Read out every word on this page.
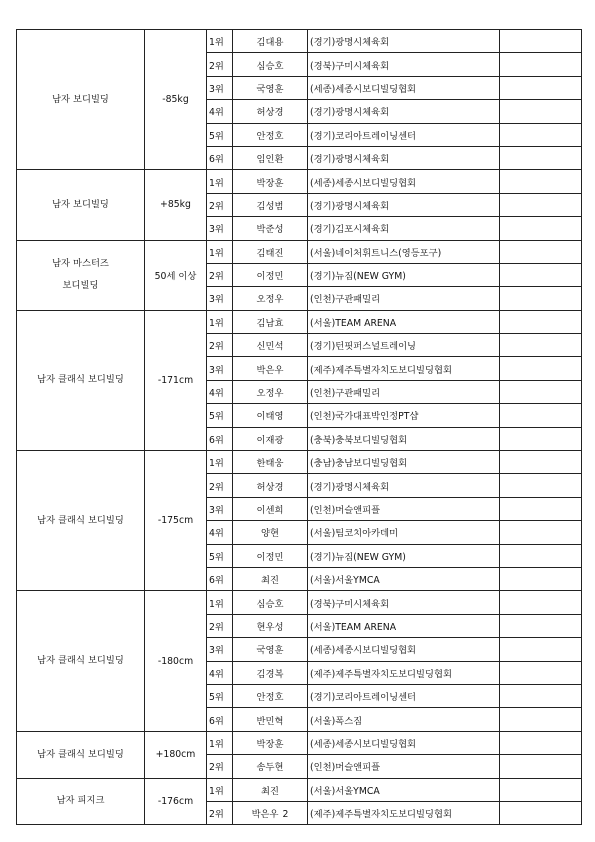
남자 보디빌딩	-85kg	1위	김대용	(경기)광명시체육회	
		2위	심승호	(경북)구미시체육회	
		3위	국영훈	(세종)세종시보디빌딩협회	
		4위	허상경	(경기)광명시체육회	
		5위	안정호	(경기)코리아트레이닝센터	
		6위	임인환	(경기)광명시체육회	

남자 보디빌딩	+85kg	1위	박장훈	(세종)세종시보디빌딩협회	
		2위	김성범	(경기)광명시체육회	
		3위	박준성	(경기)김포시체육회	

남자 마스터즈
보디빌딩	50세 이상	1위	김태진	(서울)네이처휘트니스(영등포구)	
		2위	이정민	(경기)뉴짐(NEW GYM)	
		3위	오정우	(인천)구관패밀리	

남자 클래식 보디빌딩	-171cm	1위	김남효	(서울)TEAM ARENA	
		2위	신민석	(경기)턴핏퍼스널트레이닝	
		3위	박은우	(제주)제주특별자치도보디빌딩협회	
		4위	오정우	(인천)구관패밀리	
		5위	이태영	(인천)국가대표박인정PT샵	
		6위	이재광	(충북)충북보디빌딩협회	

남자 클래식 보디빌딩	-175cm	1위	한태웅	(충남)충남보디빌딩협회	
		2위	허상경	(경기)광명시체육회	
		3위	이센희	(인천)머슬앤피플	
		4위	양현	(서울)팀코치아카데미	
		5위	이정민	(경기)뉴짐(NEW GYM)	
		6위	최진	(서울)서울YMCA	

남자 클래식 보디빌딩	-180cm	1위	심승호	(경북)구미시체육회	
		2위	현우성	(서울)TEAM ARENA	
		3위	국영훈	(세종)세종시보디빌딩협회	
		4위	김경복	(제주)제주특별자치도보디빌딩협회	
		5위	안정호	(경기)코리아트레이닝센터	
		6위	반민혁	(서울)폭스짐	

남자 클래식 보디빌딩	+180cm	1위	박장훈	(세종)세종시보디빌딩협회	
		2위	송두현	(인천)머슬앤피플	

남자 피지크	-176cm	1위	최진	(서울)서울YMCA	
		2위	박은우 2	(제주)제주특별자치도보디빌딩협회	
